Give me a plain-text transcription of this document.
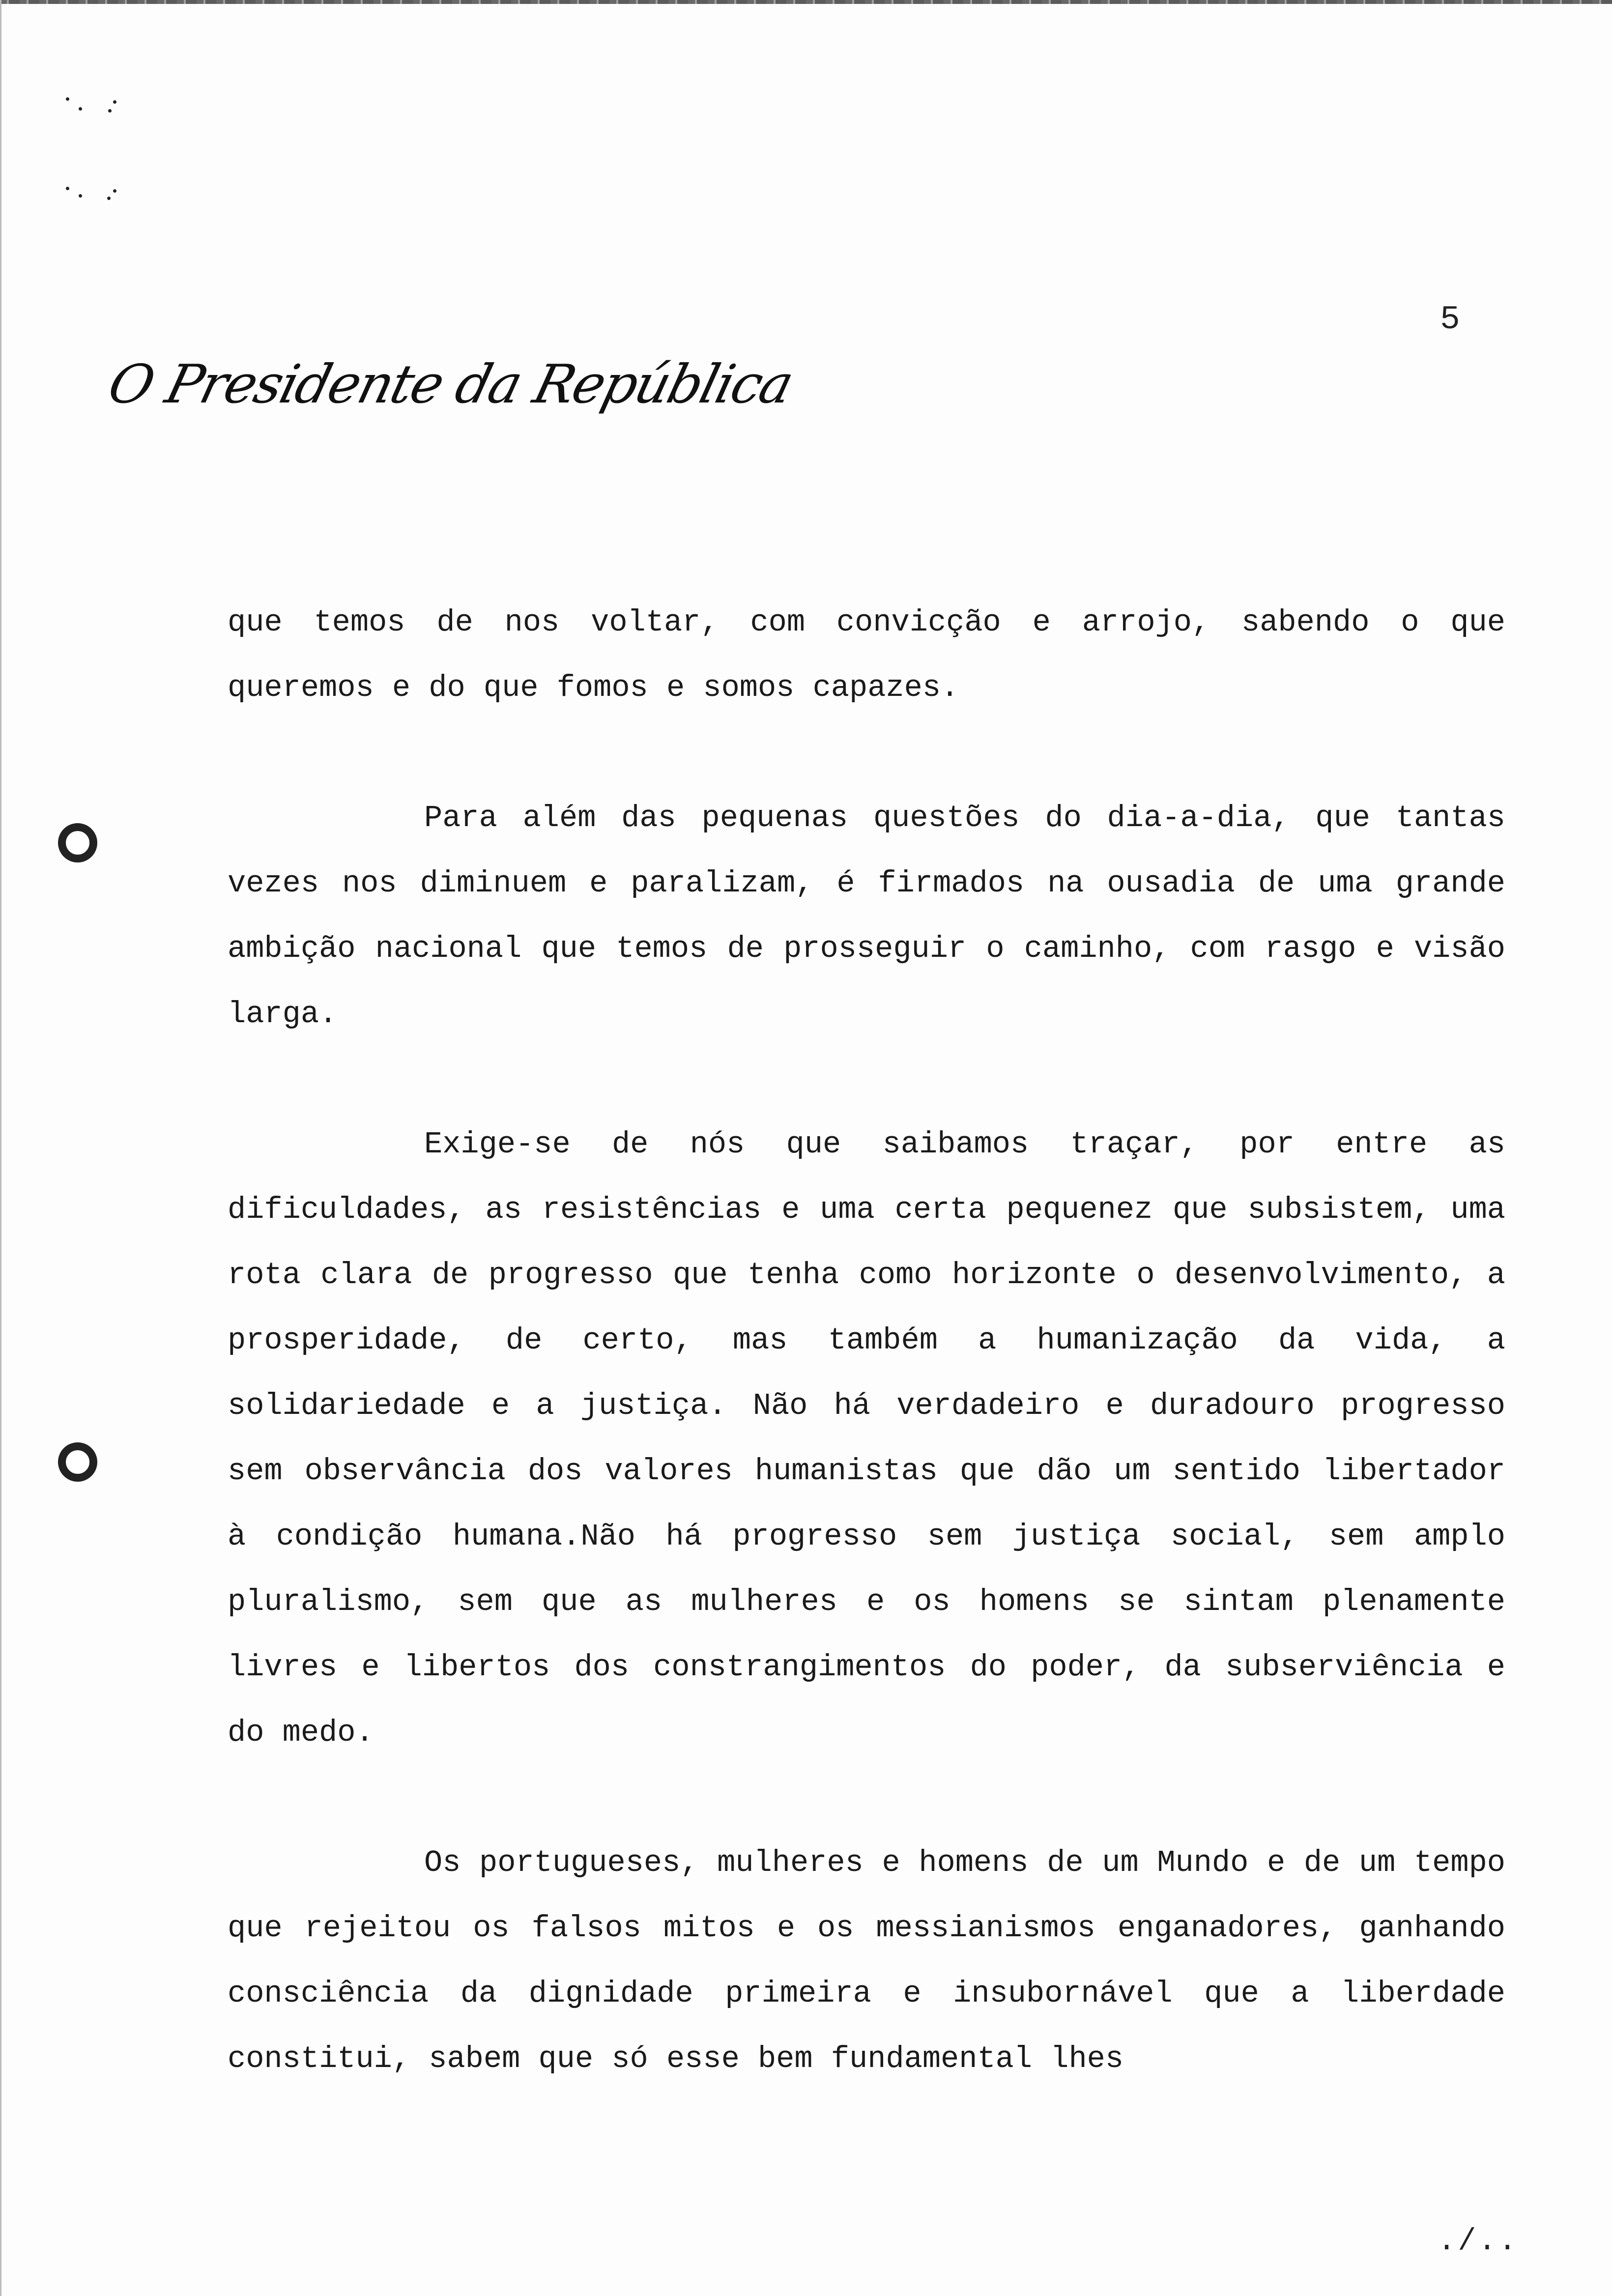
5
O Presidente da República

que temos de nos voltar, com convicção e arrojo, sabendo o que queremos e do que fomos e somos capazes.

Para além das pequenas questões do dia-a-dia, que tantas vezes nos diminuem e paralizam, é firmados na ousadia de uma grande ambição nacional que temos de prosseguir o caminho, com rasgo e visão larga.

Exige-se de nós que saibamos traçar, por entre as dificuldades, as resistências e uma certa pequenez que subsistem, uma rota clara de progresso que tenha como horizonte o desenvolvimento, a prosperidade, de certo, mas também a humanização da vida, a solidariedade e a justiça. Não há verdadeiro e duradouro progresso sem observância dos valores humanistas que dão um sentido libertador à condição humana.Não há progresso sem justiça social, sem amplo pluralismo, sem que as mulheres e os homens se sintam plenamente livres e libertos dos constrangimentos do poder, da subserviência e do medo.

Os portugueses, mulheres e homens de um Mundo e de um tempo que rejeitou os falsos mitos e os messianismos enganadores, ganhando consciência da dignidade primeira e insubornável que a liberdade constitui, sabem que só esse bem fundamental lhes

./..
